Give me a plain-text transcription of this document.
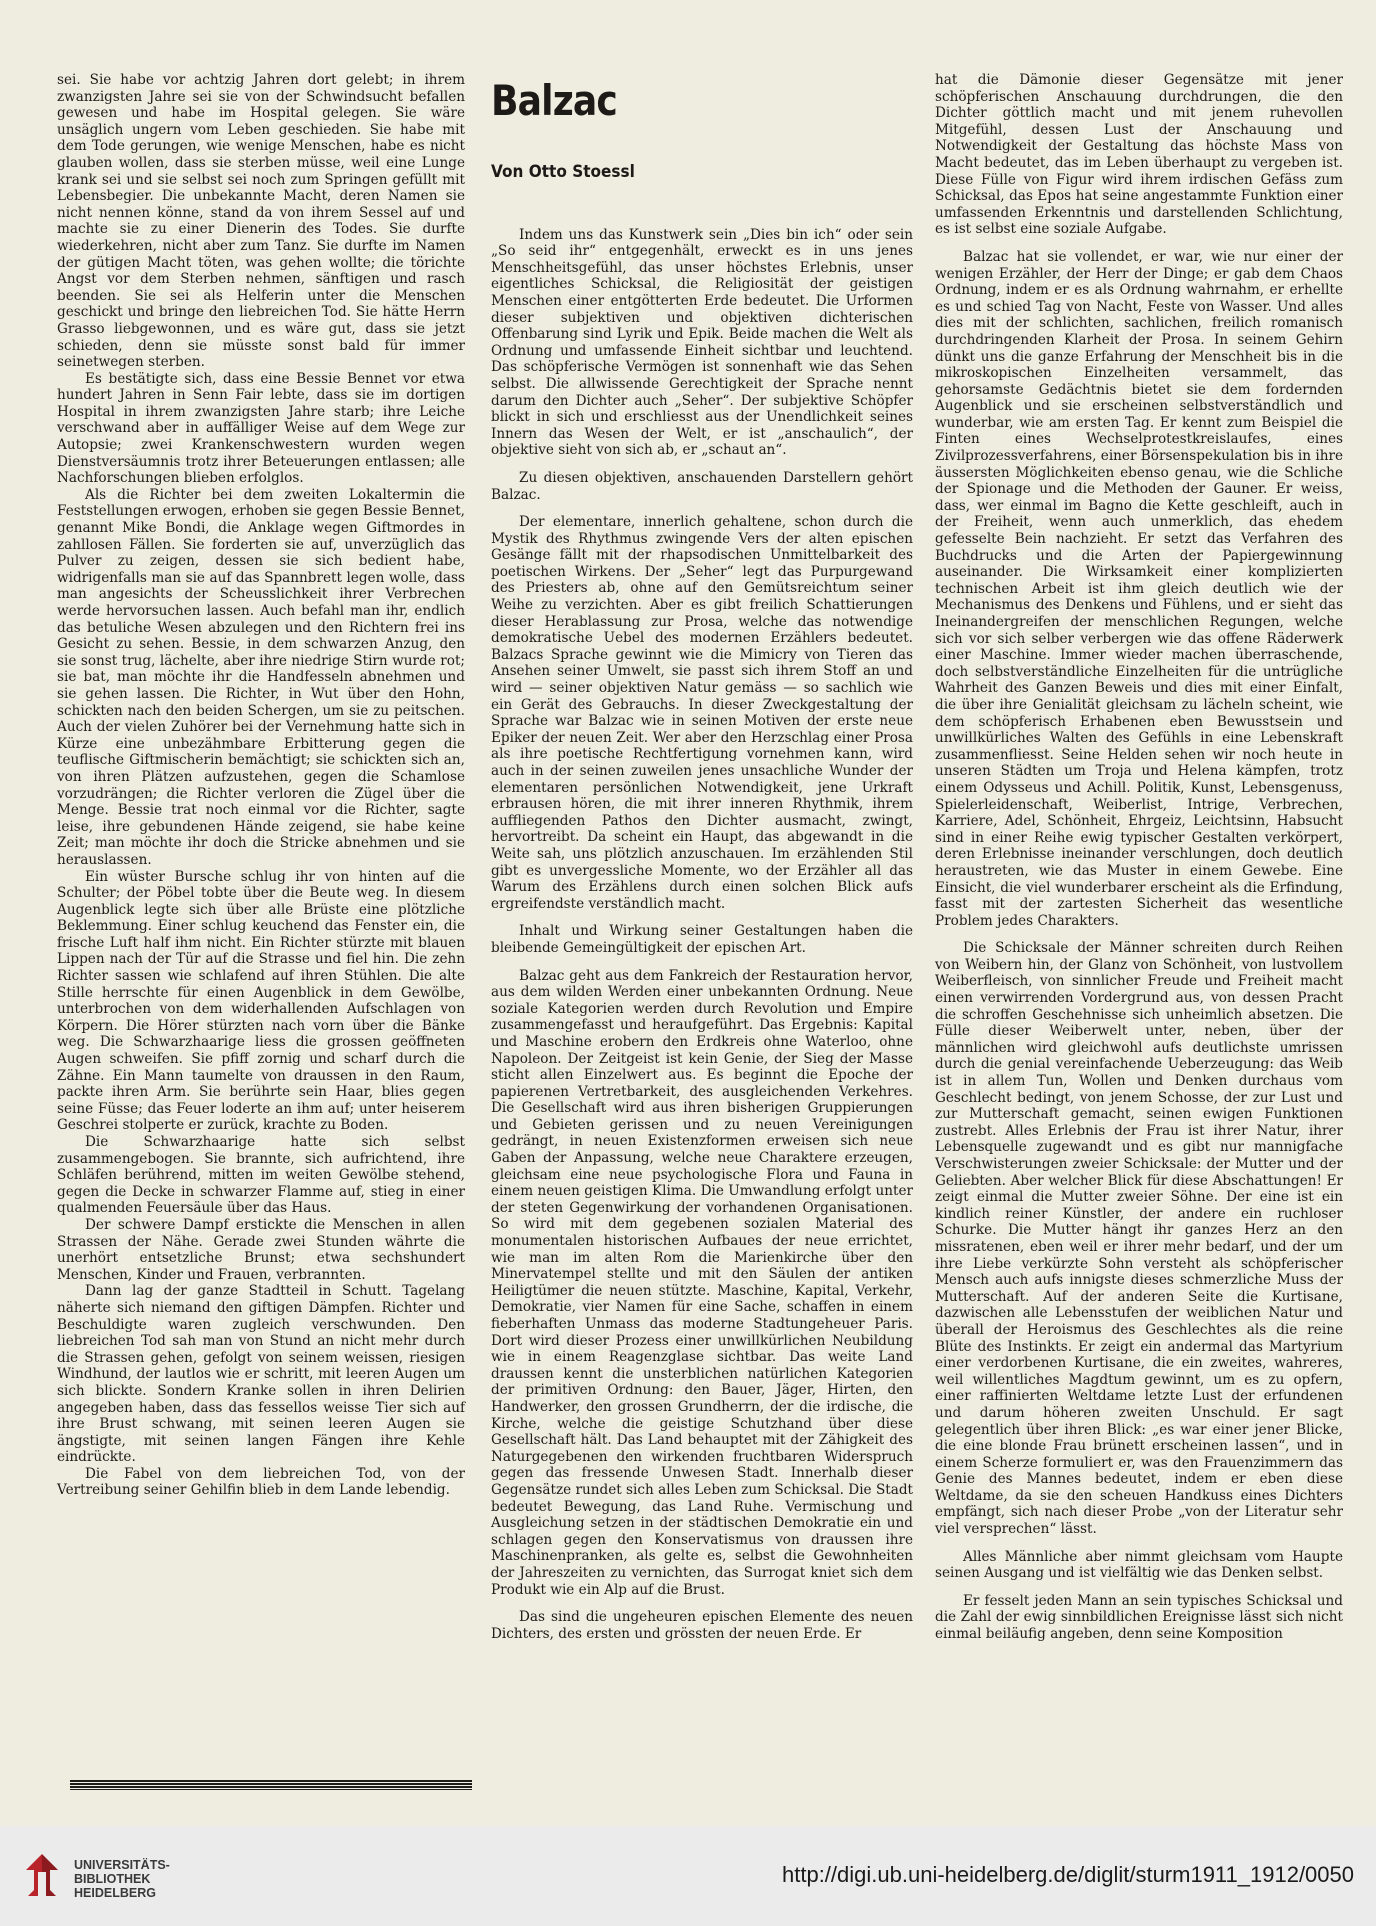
sei. Sie habe vor achtzig Jahren dort gelebt; in ihrem zwanzigsten Jahre sei sie von der Schwindsucht befallen gewesen und habe im Hospital gelegen. Sie wäre unsäglich ungern vom Leben geschieden. Sie habe mit dem Tode gerungen, wie wenige Menschen, habe es nicht glauben wollen, dass sie sterben müsse, weil eine Lunge krank sei und sie selbst sei noch zum Springen gefüllt mit Lebensbegier. Die unbekannte Macht, deren Namen sie nicht nennen könne, stand da von ihrem Sessel auf und machte sie zu einer Dienerin des Todes. Sie durfte wiederkehren, nicht aber zum Tanz. Sie durfte im Namen der gütigen Macht töten, was gehen wollte; die törichte Angst vor dem Sterben nehmen, sänftigen und rasch beenden. Sie sei als Helferin unter die Menschen geschickt und bringe den liebreichen Tod. Sie hätte Herrn Grasso liebgewonnen, und es wäre gut, dass sie jetzt schieden, denn sie müsste sonst bald für immer seinetwegen sterben.

Es bestätigte sich, dass eine Bessie Bennet vor etwa hundert Jahren in Senn Fair lebte, dass sie im dortigen Hospital in ihrem zwanzigsten Jahre starb; ihre Leiche verschwand aber in auffälliger Weise auf dem Wege zur Autopsie; zwei Krankenschwestern wurden wegen Dienstversäumnis trotz ihrer Beteuerungen entlassen; alle Nachforschungen blieben erfolglos.

Als die Richter bei dem zweiten Lokaltermin die Feststellungen erwogen, erhoben sie gegen Bessie Bennet, genannt Mike Bondi, die Anklage wegen Giftmordes in zahllosen Fällen. Sie forderten sie auf, unverzüglich das Pulver zu zeigen, dessen sie sich bedient habe, widrigenfalls man sie auf das Spannbrett legen wolle, dass man angesichts der Scheusslichkeit ihrer Verbrechen werde hervorsuchen lassen. Auch befahl man ihr, endlich das betuliche Wesen abzulegen und den Richtern frei ins Gesicht zu sehen. Bessie, in dem schwarzen Anzug, den sie sonst trug, lächelte, aber ihre niedrige Stirn wurde rot; sie bat, man möchte ihr die Handfesseln abnehmen und sie gehen lassen. Die Richter, in Wut über den Hohn, schickten nach den beiden Schergen, um sie zu peitschen. Auch der vielen Zuhörer bei der Vernehmung hatte sich in Kürze eine unbezähmbare Erbitterung gegen die teuflische Giftmischerin bemächtigt; sie schickten sich an, von ihren Plätzen aufzustehen, gegen die Schamlose vorzudrängen; die Richter verloren die Zügel über die Menge. Bessie trat noch einmal vor die Richter, sagte leise, ihre gebundenen Hände zeigend, sie habe keine Zeit; man möchte ihr doch die Stricke abnehmen und sie herauslassen.

Ein wüster Bursche schlug ihr von hinten auf die Schulter; der Pöbel tobte über die Beute weg. In diesem Augenblick legte sich über alle Brüste eine plötzliche Beklemmung. Einer schlug keuchend das Fenster ein, die frische Luft half ihm nicht. Ein Richter stürzte mit blauen Lippen nach der Tür auf die Strasse und fiel hin. Die zehn Richter sassen wie schlafend auf ihren Stühlen. Die alte Stille herrschte für einen Augenblick in dem Gewölbe, unterbrochen von dem widerhallenden Aufschlagen von Körpern. Die Hörer stürzten nach vorn über die Bänke weg. Die Schwarzhaarige liess die grossen geöffneten Augen schweifen. Sie pfiff zornig und scharf durch die Zähne. Ein Mann taumelte von draussen in den Raum, packte ihren Arm. Sie berührte sein Haar, blies gegen seine Füsse; das Feuer loderte an ihm auf; unter heiserem Geschrei stolperte er zurück, krachte zu Boden.

Die Schwarzhaarige hatte sich selbst zusammengebogen. Sie brannte, sich aufrichtend, ihre Schläfen berührend, mitten im weiten Gewölbe stehend, gegen die Decke in schwarzer Flamme auf, stieg in einer qualmenden Feuersäule über das Haus.

Der schwere Dampf erstickte die Menschen in allen Strassen der Nähe. Gerade zwei Stunden währte die unerhört entsetzliche Brunst; etwa sechshundert Menschen, Kinder und Frauen, verbrannten.

Dann lag der ganze Stadtteil in Schutt. Tagelang näherte sich niemand den giftigen Dämpfen. Richter und Beschuldigte waren zugleich verschwunden. Den liebreichen Tod sah man von Stund an nicht mehr durch die Strassen gehen, gefolgt von seinem weissen, riesigen Windhund, der lautlos wie er schritt, mit leeren Augen um sich blickte. Sondern Kranke sollen in ihren Delirien angegeben haben, dass das fessellos weisse Tier sich auf ihre Brust schwang, mit seinen leeren Augen sie ängstigte, mit seinen langen Fängen ihre Kehle eindrückte.

Die Fabel von dem liebreichen Tod, von der Vertreibung seiner Gehilfin blieb in dem Lande lebendig.

Balzac
Von Otto Stoessl

Indem uns das Kunstwerk sein „Dies bin ich“ oder sein „So seid ihr“ entgegenhält, erweckt es in uns jenes Menschheitsgefühl, das unser höchstes Erlebnis, unser eigentliches Schicksal, die Religiosität der geistigen Menschen einer entgötterten Erde bedeutet. Die Urformen dieser subjektiven und objektiven dichterischen Offenbarung sind Lyrik und Epik. Beide machen die Welt als Ordnung und umfassende Einheit sichtbar und leuchtend. Das schöpferische Vermögen ist sonnenhaft wie das Sehen selbst. Die allwissende Gerechtigkeit der Sprache nennt darum den Dichter auch „Seher“. Der subjektive Schöpfer blickt in sich und erschliesst aus der Unendlichkeit seines Innern das Wesen der Welt, er ist „anschaulich“, der objektive sieht von sich ab, er „schaut an“.

Zu diesen objektiven, anschauenden Darstellern gehört Balzac.

Der elementare, innerlich gehaltene, schon durch die Mystik des Rhythmus zwingende Vers der alten epischen Gesänge fällt mit der rhapsodischen Unmittelbarkeit des poetischen Wirkens. Der „Seher“ legt das Purpurgewand des Priesters ab, ohne auf den Gemütsreichtum seiner Weihe zu verzichten. Aber es gibt freilich Schattierungen dieser Herablassung zur Prosa, welche das notwendige demokratische Uebel des modernen Erzählers bedeutet. Balzacs Sprache gewinnt wie die Mimicry von Tieren das Ansehen seiner Umwelt, sie passt sich ihrem Stoff an und wird — seiner objektiven Natur gemäss — so sachlich wie ein Gerät des Gebrauchs. In dieser Zweckgestaltung der Sprache war Balzac wie in seinen Motiven der erste neue Epiker der neuen Zeit. Wer aber den Herzschlag einer Prosa als ihre poetische Rechtfertigung vornehmen kann, wird auch in der seinen zuweilen jenes unsachliche Wunder der elementaren persönlichen Notwendigkeit, jene Urkraft erbrausen hören, die mit ihrer inneren Rhythmik, ihrem auffliegenden Pathos den Dichter ausmacht, zwingt, hervortreibt. Da scheint ein Haupt, das abgewandt in die Weite sah, uns plötzlich anzuschauen. Im erzählenden Stil gibt es unvergessliche Momente, wo der Erzähler all das Warum des Erzählens durch einen solchen Blick aufs ergreifendste verständlich macht.

Inhalt und Wirkung seiner Gestaltungen haben die bleibende Gemeingültigkeit der epischen Art.

Balzac geht aus dem Fankreich der Restauration hervor, aus dem wilden Werden einer unbekannten Ordnung. Neue soziale Kategorien werden durch Revolution und Empire zusammengefasst und heraufgeführt. Das Ergebnis: Kapital und Maschine erobern den Erdkreis ohne Waterloo, ohne Napoleon. Der Zeitgeist ist kein Genie, der Sieg der Masse sticht allen Einzelwert aus. Es beginnt die Epoche der papierenen Vertretbarkeit, des ausgleichenden Verkehres. Die Gesellschaft wird aus ihren bisherigen Gruppierungen und Gebieten gerissen und zu neuen Vereinigungen gedrängt, in neuen Existenzformen erweisen sich neue Gaben der Anpassung, welche neue Charaktere erzeugen, gleichsam eine neue psychologische Flora und Fauna in einem neuen geistigen Klima. Die Umwandlung erfolgt unter der steten Gegenwirkung der vorhandenen Organisationen. So wird mit dem gegebenen sozialen Material des monumentalen historischen Aufbaues der neue errichtet, wie man im alten Rom die Marienkirche über den Minervatempel stellte und mit den Säulen der antiken Heiligtümer die neuen stützte. Maschine, Kapital, Verkehr, Demokratie, vier Namen für eine Sache, schaffen in einem fieberhaften Unmass das moderne Stadtungeheuer Paris. Dort wird dieser Prozess einer unwillkürlichen Neubildung wie in einem Reagenzglase sichtbar. Das weite Land draussen kennt die unsterblichen natürlichen Kategorien der primitiven Ordnung: den Bauer, Jäger, Hirten, den Handwerker, den grossen Grundherrn, der die irdische, die Kirche, welche die geistige Schutzhand über diese Gesellschaft hält. Das Land behauptet mit der Zähigkeit des Naturgegebenen den wirkenden fruchtbaren Widerspruch gegen das fressende Unwesen Stadt. Innerhalb dieser Gegensätze rundet sich alles Leben zum Schicksal. Die Stadt bedeutet Bewegung, das Land Ruhe. Vermischung und Ausgleichung setzen in der städtischen Demokratie ein und schlagen gegen den Konservatismus von draussen ihre Maschinenpranken, als gelte es, selbst die Gewohnheiten der Jahreszeiten zu vernichten, das Surrogat kniet sich dem Produkt wie ein Alp auf die Brust.

Das sind die ungeheuren epischen Elemente des neuen Dichters, des ersten und grössten der neuen Erde. Er

hat die Dämonie dieser Gegensätze mit jener schöpferischen Anschauung durchdrungen, die den Dichter göttlich macht und mit jenem ruhevollen Mitgefühl, dessen Lust der Anschauung und Notwendigkeit der Gestaltung das höchste Mass von Macht bedeutet, das im Leben überhaupt zu vergeben ist. Diese Fülle von Figur wird ihrem irdischen Gefäss zum Schicksal, das Epos hat seine angestammte Funktion einer umfassenden Erkenntnis und darstellenden Schlichtung, es ist selbst eine soziale Aufgabe.

Balzac hat sie vollendet, er war, wie nur einer der wenigen Erzähler, der Herr der Dinge; er gab dem Chaos Ordnung, indem er es als Ordnung wahrnahm, er erhellte es und schied Tag von Nacht, Feste von Wasser. Und alles dies mit der schlichten, sachlichen, freilich romanisch durchdringenden Klarheit der Prosa. In seinem Gehirn dünkt uns die ganze Erfahrung der Menschheit bis in die mikroskopischen Einzelheiten versammelt, das gehorsamste Gedächtnis bietet sie dem fordernden Augenblick und sie erscheinen selbstverständlich und wunderbar, wie am ersten Tag. Er kennt zum Beispiel die Finten eines Wechselprotestkreislaufes, eines Zivilprozessverfahrens, einer Börsenspekulation bis in ihre äussersten Möglichkeiten ebenso genau, wie die Schliche der Spionage und die Methoden der Gauner. Er weiss, dass, wer einmal im Bagno die Kette geschleift, auch in der Freiheit, wenn auch unmerklich, das ehedem gefesselte Bein nachzieht. Er setzt das Verfahren des Buchdrucks und die Arten der Papiergewinnung auseinander. Die Wirksamkeit einer komplizierten technischen Arbeit ist ihm gleich deutlich wie der Mechanismus des Denkens und Fühlens, und er sieht das Ineinandergreifen der menschlichen Regungen, welche sich vor sich selber verbergen wie das offene Räderwerk einer Maschine. Immer wieder machen überraschende, doch selbstverständliche Einzelheiten für die untrügliche Wahrheit des Ganzen Beweis und dies mit einer Einfalt, die über ihre Genialität gleichsam zu lächeln scheint, wie dem schöpferisch Erhabenen eben Bewusstsein und unwillkürliches Walten des Gefühls in eine Lebenskraft zusammenfliesst. Seine Helden sehen wir noch heute in unseren Städten um Troja und Helena kämpfen, trotz einem Odysseus und Achill. Politik, Kunst, Lebensgenuss, Spielerleidenschaft, Weiberlist, Intrige, Verbrechen, Karriere, Adel, Schönheit, Ehrgeiz, Leichtsinn, Habsucht sind in einer Reihe ewig typischer Gestalten verkörpert, deren Erlebnisse ineinander verschlungen, doch deutlich heraustreten, wie das Muster in einem Gewebe. Eine Einsicht, die viel wunderbarer erscheint als die Erfindung, fasst mit der zartesten Sicherheit das wesentliche Problem jedes Charakters.

Die Schicksale der Männer schreiten durch Reihen von Weibern hin, der Glanz von Schönheit, von lustvollem Weiberfleisch, von sinnlicher Freude und Freiheit macht einen verwirrenden Vordergrund aus, von dessen Pracht die schroffen Geschehnisse sich unheimlich absetzen. Die Fülle dieser Weiberwelt unter, neben, über der männlichen wird gleichwohl aufs deutlichste umrissen durch die genial vereinfachende Ueberzeugung: das Weib ist in allem Tun, Wollen und Denken durchaus vom Geschlecht bedingt, von jenem Schosse, der zur Lust und zur Mutterschaft gemacht, seinen ewigen Funktionen zustrebt. Alles Erlebnis der Frau ist ihrer Natur, ihrer Lebensquelle zugewandt und es gibt nur mannigfache Verschwisterungen zweier Schicksale: der Mutter und der Geliebten. Aber welcher Blick für diese Abschattungen! Er zeigt einmal die Mutter zweier Söhne. Der eine ist ein kindlich reiner Künstler, der andere ein ruchloser Schurke. Die Mutter hängt ihr ganzes Herz an den missratenen, eben weil er ihrer mehr bedarf, und der um ihre Liebe verkürzte Sohn versteht als schöpferischer Mensch auch aufs innigste dieses schmerzliche Muss der Mutterschaft. Auf der anderen Seite die Kurtisane, dazwischen alle Lebensstufen der weiblichen Natur und überall der Heroismus des Geschlechtes als die reine Blüte des Instinkts. Er zeigt ein andermal das Martyrium einer verdorbenen Kurtisane, die ein zweites, wahreres, weil willentliches Magdtum gewinnt, um es zu opfern, einer raffinierten Weltdame letzte Lust der erfundenen und darum höheren zweiten Unschuld. Er sagt gelegentlich über ihren Blick: „es war einer jener Blicke, die eine blonde Frau brünett erscheinen lassen“, und in einem Scherze formuliert er, was den Frauenzimmern das Genie des Mannes bedeutet, indem er eben diese Weltdame, da sie den scheuen Handkuss eines Dichters empfängt, sich nach dieser Probe „von der Literatur sehr viel versprechen“ lässt.

Alles Männliche aber nimmt gleichsam vom Haupte seinen Ausgang und ist vielfältig wie das Denken selbst.

Er fesselt jeden Mann an sein typisches Schicksal und die Zahl der ewig sinnbildlichen Ereignisse lässt sich nicht einmal beiläufig angeben, denn seine Komposition

UNIVERSITÄTS-
BIBLIOTHEK
HEIDELBERG
http://digi.ub.uni-heidelberg.de/diglit/sturm1911_1912/0050
